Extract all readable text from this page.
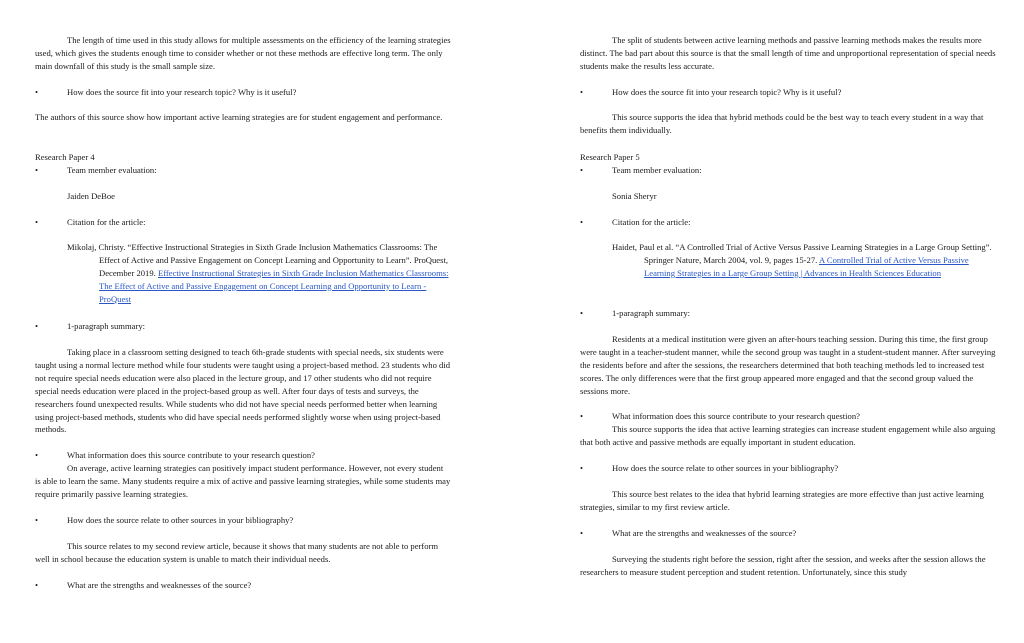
The length of time used in this study allows for multiple assessments on the efficiency of the learning strategies used, which gives the students enough time to consider whether or not these methods are effective long term. The only main downfall of this study is the small sample size.

•	How does the source fit into your research topic? Why is it useful?

The authors of this source show how important active learning strategies are for student engagement and performance.

Research Paper 4

•	Team member evaluation:

Jaiden DeBoe

•	Citation for the article:

Mikolaj, Christy. “Effective Instructional Strategies in Sixth Grade Inclusion Mathematics Classrooms: The Effect of Active and Passive Engagement on Concept Learning and Opportunity to Learn”. ProQuest, December 2019. Effective Instructional Strategies in Sixth Grade Inclusion Mathematics Classrooms: The Effect of Active and Passive Engagement on Concept Learning and Opportunity to Learn - ProQuest

•	1-paragraph summary:

Taking place in a classroom setting designed to teach 6th-grade students with special needs, six students were taught using a normal lecture method while four students were taught using a project-based method. 23 students who did not require special needs education were also placed in the lecture group, and 17 other students who did not require special needs education were placed in the project-based group as well. After four days of tests and surveys, the researchers found unexpected results. While students who did not have special needs performed better when learning using project-based methods, students who did have special needs performed slightly worse when using project-based methods.

•	What information does this source contribute to your research question?

On average, active learning strategies can positively impact student performance. However, not every student is able to learn the same. Many students require a mix of active and passive learning strategies, while some students may require primarily passive learning strategies.

•	How does the source relate to other sources in your bibliography?

This source relates to my second review article, because it shows that many students are not able to perform well in school because the education system is unable to match their individual needs.

•	What are the strengths and weaknesses of the source?

The split of students between active learning methods and passive learning methods makes the results more distinct. The bad part about this source is that the small length of time and unproportional representation of special needs students make the results less accurate.

•	How does the source fit into your research topic? Why is it useful?

This source supports the idea that hybrid methods could be the best way to teach every student in a way that benefits them individually.

Research Paper 5

•	Team member evaluation:

Sonia Sheryr

•	Citation for the article:

Haidet, Paul et al. “A Controlled Trial of Active Versus Passive Learning Strategies in a Large Group Setting”. Springer Nature, March 2004, vol. 9, pages 15-27. A Controlled Trial of Active Versus Passive Learning Strategies in a Large Group Setting | Advances in Health Sciences Education

•	1-paragraph summary:

Residents at a medical institution were given an after-hours teaching session. During this time, the first group were taught in a teacher-student manner, while the second group was taught in a student-student manner. After surveying the residents before and after the sessions, the researchers determined that both teaching methods led to increased test scores. The only differences were that the first group appeared more engaged and that the second group valued the sessions more.

•	What information does this source contribute to your research question?

This source supports the idea that active learning strategies can increase student engagement while also arguing that both active and passive methods are equally important in student education.

•	How does the source relate to other sources in your bibliography?

This source best relates to the idea that hybrid learning strategies are more effective than just active learning strategies, similar to my first review article.

•	What are the strengths and weaknesses of the source?

Surveying the students right before the session, right after the session, and weeks after the session allows the researchers to measure student perception and student retention. Unfortunately, since this study
